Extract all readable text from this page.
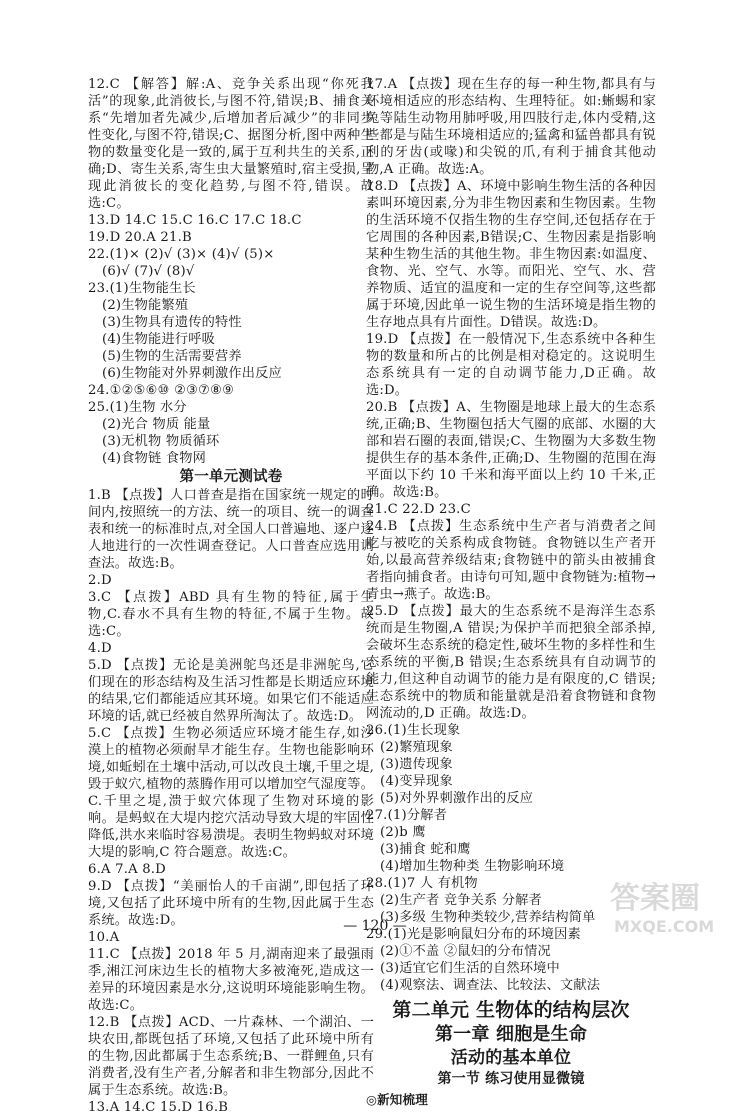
12.C 【解答】解:A、竞争关系出现“你死我活”的现象,此消彼长,与图不符,错误;B、捕食关系“先增加者先减少,后增加者后减少”的非同步性变化,与图不符,错误;C、据图分析,图中两种生物的数量变化是一致的,属于互利共生的关系,正确;D、寄生关系,寄生虫大量繁殖时,宿主受损,呈现此消彼长的变化趋势,与图不符,错误。故选:C。
13.D 14.C 15.C 16.C 17.C 18.C
19.D 20.A 21.B
22.(1)× (2)√ (3)× (4)√ (5)×
(6)√ (7)√ (8)√
23.(1)生物能生长
(2)生物能繁殖
(3)生物具有遗传的特性
(4)生物能进行呼吸
(5)生物的生活需要营养
(6)生物能对外界刺激作出反应
24.①②⑤⑥⑩ ②③⑦⑧⑨
25.(1)生物 水分
(2)光合 物质 能量
(3)无机物 物质循环
(4)食物链 食物网
第一单元测试卷
1.B 【点拨】人口普查是指在国家统一规定的时间内,按照统一的方法、统一的项目、统一的调查表和统一的标准时点,对全国人口普遍地、逐户逐人地进行的一次性调查登记。人口普查应选用调查法。故选:B。
2.D
3.C 【点拨】ABD 具有生物的特征,属于生物,C.春水不具有生物的特征,不属于生物。故选:C。
4.D
5.D 【点拨】无论是美洲鸵鸟还是非洲鸵鸟,它们现在的形态结构及生活习性都是长期适应环境的结果,它们都能适应其环境。如果它们不能适应环境的话,就已经被自然界所淘汰了。故选:D。
5.C 【点拨】生物必须适应环境才能生存,如沙漠上的植物必须耐旱才能生存。生物也能影响环境,如蚯蚓在土壤中活动,可以改良土壤,千里之堤,毁于蚁穴,植物的蒸腾作用可以增加空气湿度等。C.千里之堤,溃于蚁穴体现了生物对环境的影响。是蚂蚁在大堤内挖穴活动导致大堤的牢固性降低,洪水来临时容易溃堤。表明生物蚂蚁对环境大堤的影响,C 符合题意。故选:C。
6.A 7.A 8.D
9.D 【点拨】“美丽怡人的千亩湖”,即包括了环境,又包括了此环境中所有的生物,因此属于生态系统。故选:D。
10.A
11.C 【点拨】2018 年 5 月,湖南迎来了最强雨季,湘江河床边生长的植物大多被淹死,造成这一差异的环境因素是水分,这说明环境能影响生物。故选:C。
12.B 【点拨】ACD、一片森林、一个湖泊、一块农田,都既包括了环境,又包括了此环境中所有的生物,因此都属于生态系统;B、一群鲤鱼,只有消费者,没有生产者,分解者和非生物部分,因此不属于生态系统。故选:B。
13.A 14.C 15.D 16.B
17.A 【点拨】现在生存的每一种生物,都具有与环境相适应的形态结构、生理特征。如:蜥蜴和家兔等陆生动物用肺呼吸,用四肢行走,体内受精,这些都是与陆生环境相适应的;猛禽和猛兽都具有锐利的牙齿(或喙)和尖锐的爪,有利于捕食其他动物,A 正确。故选:A。
18.D 【点拨】A、环境中影响生物生活的各种因素叫环境因素,分为非生物因素和生物因素。生物的生活环境不仅指生物的生存空间,还包括存在于它周围的各种因素,B错误;C、生物因素是指影响某种生物生活的其他生物。非生物因素:如温度、食物、光、空气、水等。而阳光、空气、水、营养物质、适宜的温度和一定的生存空间等,这些都属于环境,因此单一说生物的生活环境是指生物的生存地点具有片面性。D错误。故选:D。
19.D 【点拨】在一般情况下,生态系统中各种生物的数量和所占的比例是相对稳定的。这说明生态系统具有一定的自动调节能力,D正确。故选:D。
20.B 【点拨】A、生物圈是地球上最大的生态系统,正确;B、生物圈包括大气圈的底部、水圈的大部和岩石圈的表面,错误;C、生物圈为大多数生物提供生存的基本条件,正确;D、生物圈的范围在海平面以下约 10 千米和海平面以上约 10 千米,正确。故选:B。
21.C 22.D 23.C
24.B 【点拨】生态系统中生产者与消费者之间吃与被吃的关系构成食物链。食物链以生产者开始,以最高营养级结束;食物链中的箭头由被捕食者指向捕食者。由诗句可知,题中食物链为:植物→青虫→燕子。故选:B。
25.D 【点拨】最大的生态系统不是海洋生态系统而是生物圈,A 错误;为保护羊而把狼全部杀掉,会破坏生态系统的稳定性,破坏生物的多样性和生态系统的平衡,B 错误;生态系统具有自动调节的能力,但这种自动调节的能力是有限度的,C 错误;生态系统中的物质和能量就是沿着食物链和食物网流动的,D 正确。故选:D。
26.(1)生长现象
(2)繁殖现象
(3)遗传现象
(4)变异现象
(5)对外界刺激作出的反应
27.(1)分解者
(2)b 鹰
(3)捕食 蛇和鹰
(4)增加生物种类 生物影响环境
28.(1)7 人 有机物
(2)生产者 竞争关系 分解者
(3)多级 生物种类较少,营养结构简单
29.(1)光是影响鼠妇分布的环境因素
(2)①不盖 ②鼠妇的分布情况
(3)适宜它们生活的自然环境中
(4)观察法、调查法、比较法、文献法
第二单元 生物体的结构层次
第一章 细胞是生命
活动的基本单位
第一节 练习使用显微镜
◎新知梳理
— 120 —
答案圈
MXQE.COM
